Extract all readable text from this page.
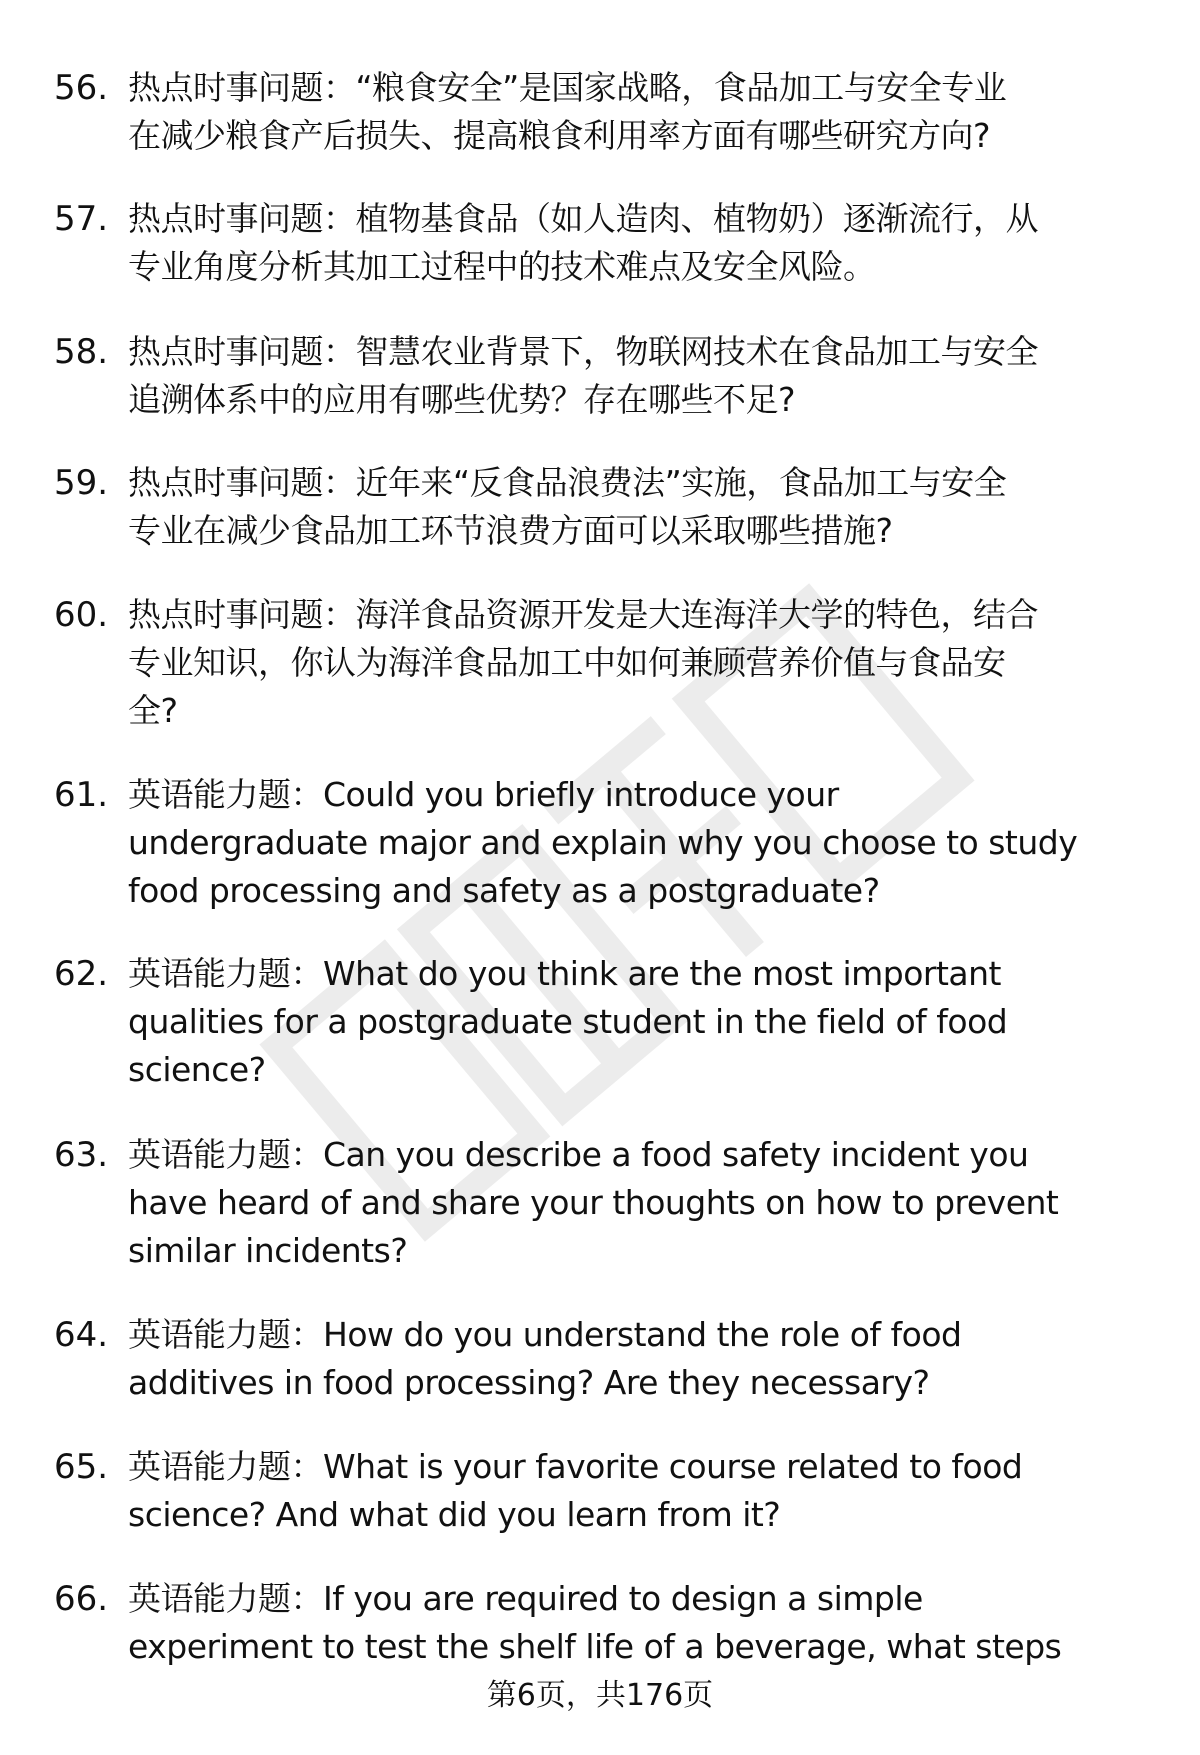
56. 热点时事问题：“粮食安全”是国家战略，食品加工与安全专业
在减少粮食产后损失、提高粮食利用率方面有哪些研究方向?
57. 热点时事问题：植物基食品（如人造肉、植物奶）逐渐流行，从
专业角度分析其加工过程中的技术难点及安全风险。
58. 热点时事问题：智慧农业背景下，物联网技术在食品加工与安全
追溯体系中的应用有哪些优势？存在哪些不足?
59. 热点时事问题：近年来“反食品浪费法”实施，食品加工与安全
专业在减少食品加工环节浪费方面可以采取哪些措施?
60. 热点时事问题：海洋食品资源开发是大连海洋大学的特色，结合
专业知识，你认为海洋食品加工中如何兼顾营养价值与食品安
全?
61. 英语能力题：Could you briefly introduce your
undergraduate major and explain why you choose to study
food processing and safety as a postgraduate?
62. 英语能力题：What do you think are the most important
qualities for a postgraduate student in the field of food
science?
63. 英语能力题：Can you describe a food safety incident you
have heard of and share your thoughts on how to prevent
similar incidents?
64. 英语能力题：How do you understand the role of food
additives in food processing? Are they necessary?
65. 英语能力题：What is your favorite course related to food
science? And what did you learn from it?
66. 英语能力题：If you are required to design a simple
experiment to test the shelf life of a beverage, what steps
第6页，共176页
